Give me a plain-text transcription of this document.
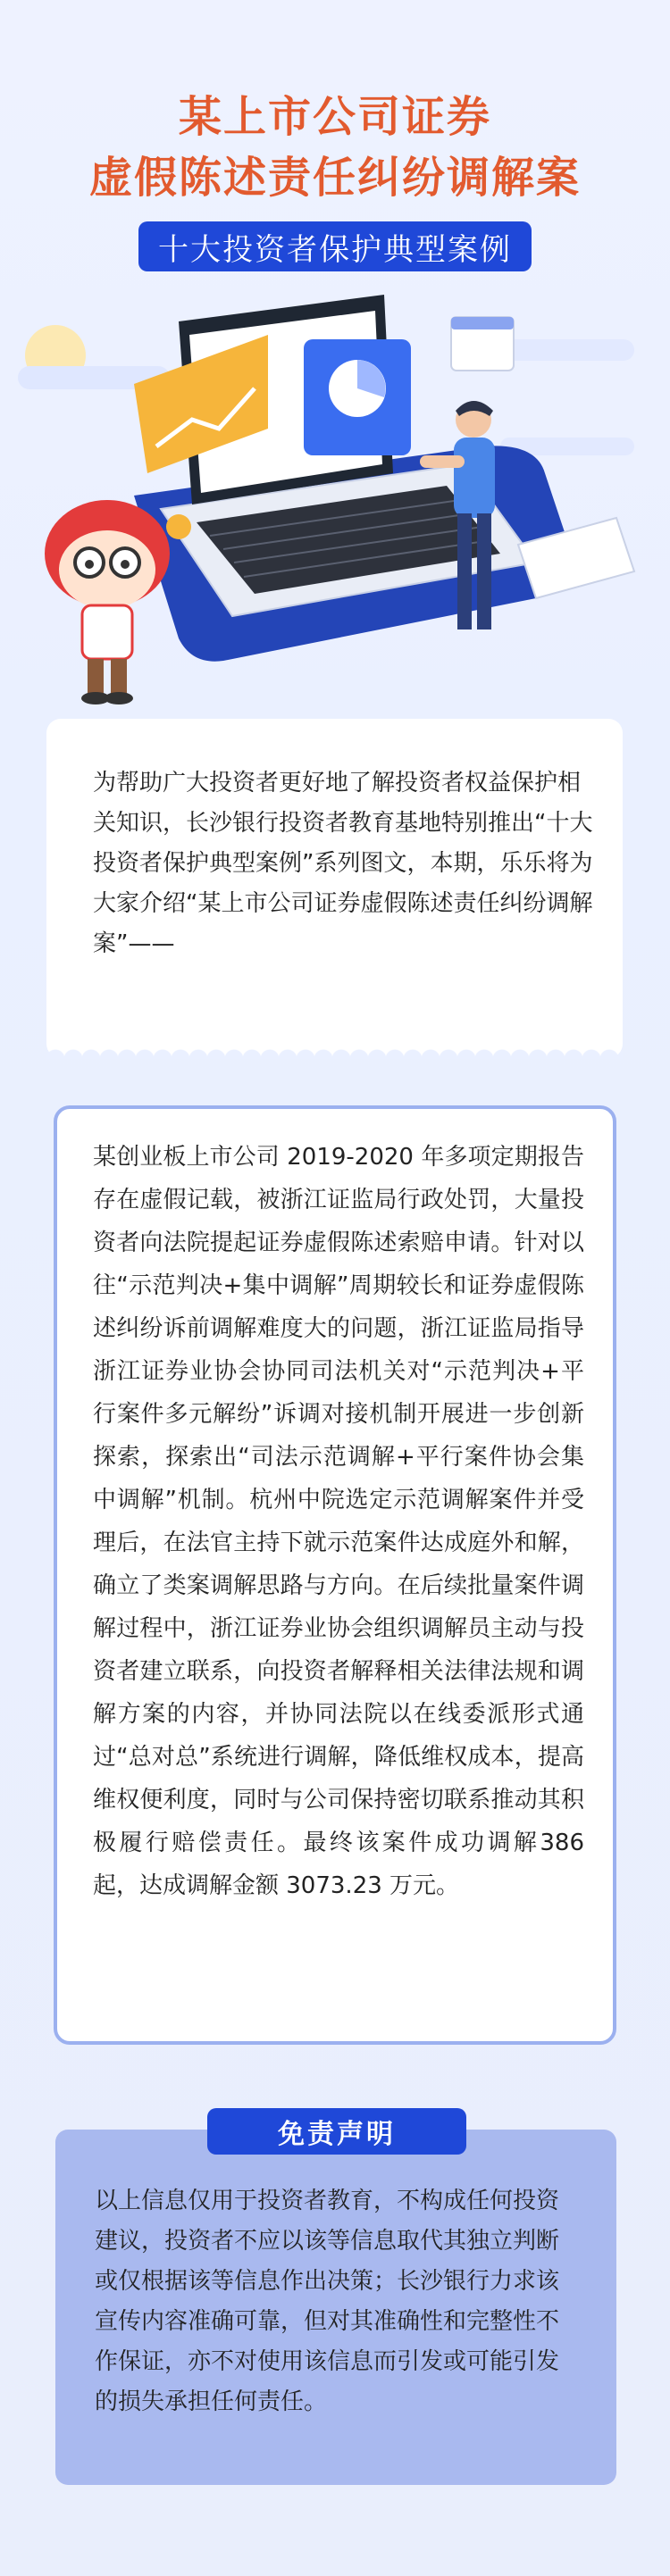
某上市公司证券
虚假陈述责任纠纷调解案
十大投资者保护典型案例
为帮助广大投资者更好地了解投资者权益保护相关知识，长沙银行投资者教育基地特别推出“十大投资者保护典型案例”系列图文，本期，乐乐将为大家介绍“某上市公司证券虚假陈述责任纠纷调解案”——
某创业板上市公司 2019-2020 年多项定期报告存在虚假记载，被浙江证监局行政处罚，大量投资者向法院提起证券虚假陈述索赔申请。针对以往“示范判决+集中调解”周期较长和证券虚假陈述纠纷诉前调解难度大的问题，浙江证监局指导浙江证券业协会协同司法机关对“示范判决+平行案件多元解纷”诉调对接机制开展进一步创新探索，探索出“司法示范调解+平行案件协会集中调解”机制。杭州中院选定示范调解案件并受理后，在法官主持下就示范案件达成庭外和解，确立了类案调解思路与方向。在后续批量案件调解过程中，浙江证券业协会组织调解员主动与投资者建立联系，向投资者解释相关法律法规和调解方案的内容，并协同法院以在线委派形式通过“总对总”系统进行调解，降低维权成本，提高维权便利度，同时与公司保持密切联系推动其积极履行赔偿责任。最终该案件成功调解386 起，达成调解金额 3073.23 万元。
以上信息仅用于投资者教育，不构成任何投资建议，投资者不应以该等信息取代其独立判断或仅根据该等信息作出决策；长沙银行力求该宣传内容准确可靠，但对其准确性和完整性不作保证，亦不对使用该信息而引发或可能引发的损失承担任何责任。
免责声明
